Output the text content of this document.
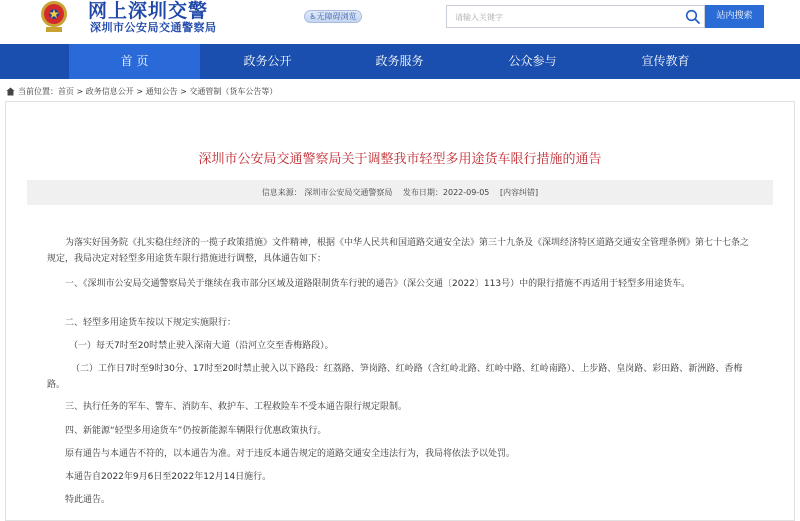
网上深圳交警
深圳市公安局交通警察局
♿无障碍浏览
请输入关键字	站内搜索
首 页	政务公开	政务服务	公众参与	宣传教育
当前位置： 首页 > 政务信息公开 > 通知公告 > 交通管制（货车公告等）
深圳市公安局交通警察局关于调整我市轻型多用途货车限行措施的通告
信息来源： 深圳市公安局交通警察局 发布日期：2022-09-05 [内容纠错]
为落实好国务院《扎实稳住经济的一揽子政策措施》文件精神，根据《中华人民共和国道路交通安全法》第三十九条及《深圳经济特区道路交通安全管理条例》第七十七条之规定，我局决定对轻型多用途货车限行措施进行调整，具体通告如下：
一、《深圳市公安局交通警察局关于继续在我市部分区域及道路限制货车行驶的通告》（深公交通〔2022〕113号）中的限行措施不再适用于轻型多用途货车。
二、轻型多用途货车按以下规定实施限行：
（一）每天7时至20时禁止驶入深南大道（沿河立交至香梅路段）。
（二）工作日7时至9时30分、17时至20时禁止驶入以下路段：红荔路、笋岗路、红岭路（含红岭北路、红岭中路、红岭南路）、上步路、皇岗路、彩田路、新洲路、香梅路。
三、执行任务的军车、警车、消防车、救护车、工程救险车不受本通告限行规定限制。
四、新能源“轻型多用途货车”仍按新能源车辆限行优惠政策执行。
原有通告与本通告不符的，以本通告为准。对于违反本通告规定的道路交通安全违法行为，我局将依法予以处罚。
本通告自2022年9月6日至2022年12月14日施行。
特此通告。
